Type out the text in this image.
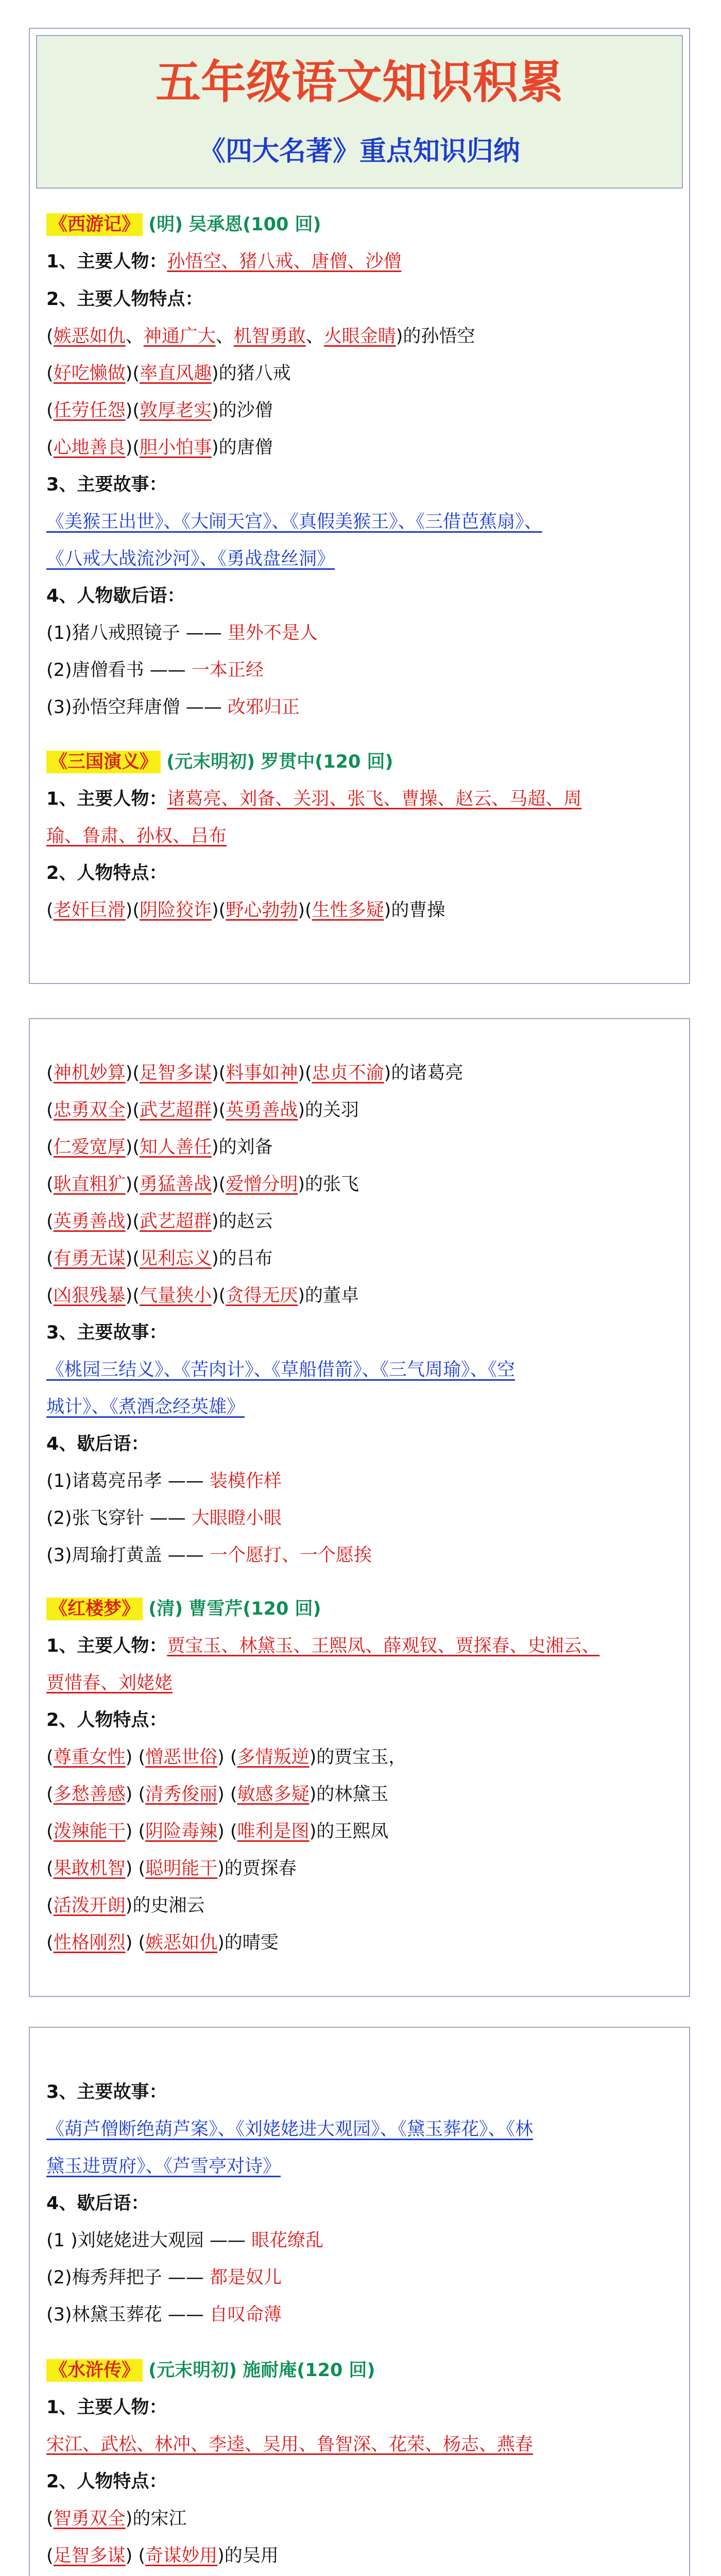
五年级语文知识积累
《四大名著》重点知识归纳
《西游记》 (明) 吴承恩(100 回)
1、主要人物：孙悟空、猪八戒、唐僧、沙僧
2、主要人物特点：
(嫉恶如仇、神通广大、机智勇敢、火眼金睛)的孙悟空
(好吃懒做)(率直风趣)的猪八戒
(任劳任怨)(敦厚老实)的沙僧
(心地善良)(胆小怕事)的唐僧
3、主要故事：
《美猴王出世》、《大闹天宫》、《真假美猴王》、《三借芭蕉扇》、
《八戒大战流沙河》、《勇战盘丝洞》
4、人物歇后语：
(1)猪八戒照镜子 —— 里外不是人
(2)唐僧看书 —— 一本正经
(3)孙悟空拜唐僧 —— 改邪归正
《三国演义》 (元末明初) 罗贯中(120 回)
1、主要人物：诸葛亮、刘备、关羽、张飞、曹操、赵云、马超、周
瑜、鲁肃、孙权、吕布
2、人物特点：
(老奸巨滑)(阴险狡诈)(野心勃勃)(生性多疑)的曹操
(神机妙算)(足智多谋)(料事如神)(忠贞不渝)的诸葛亮
(忠勇双全)(武艺超群)(英勇善战)的关羽
(仁爱宽厚)(知人善任)的刘备
(耿直粗犷)(勇猛善战)(爱憎分明)的张飞
(英勇善战)(武艺超群)的赵云
(有勇无谋)(见利忘义)的吕布
(凶狠残暴)(气量狭小)(贪得无厌)的董卓
3、主要故事：
《桃园三结义》、《苦肉计》、《草船借箭》、《三气周瑜》、《空
城计》、《煮酒念经英雄》
4、歇后语：
(1)诸葛亮吊孝 —— 装模作样
(2)张飞穿针 —— 大眼瞪小眼
(3)周瑜打黄盖 —— 一个愿打、一个愿挨
《红楼梦》 (清) 曹雪芹(120 回)
1、主要人物：贾宝玉、林黛玉、王熙凤、薛观钗、贾探春、史湘云、
贾惜春、刘姥姥
2、人物特点：
(尊重女性) (憎恶世俗) (多情叛逆)的贾宝玉，
(多愁善感) (清秀俊丽) (敏感多疑)的林黛玉
(泼辣能干) (阴险毒辣) (唯利是图)的王熙凤
(果敢机智) (聪明能干)的贾探春
(活泼开朗)的史湘云
(性格刚烈) (嫉恶如仇)的晴雯
3、主要故事：
《葫芦僧断绝葫芦案》、《刘姥姥进大观园》、《黛玉葬花》、《林
黛玉进贾府》、《芦雪亭对诗》
4、歇后语：
(1 )刘姥姥进大观园 —— 眼花缭乱
(2)梅秀拜把子 —— 都是奴儿
(3)林黛玉葬花 —— 自叹命薄
《水浒传》 (元末明初) 施耐庵(120 回)
1、主要人物：
宋江、武松、林冲、李逵、吴用、鲁智深、花荣、杨志、燕春
2、人物特点：
(智勇双全)的宋江
(足智多谋) (奇谋妙用)的吴用
